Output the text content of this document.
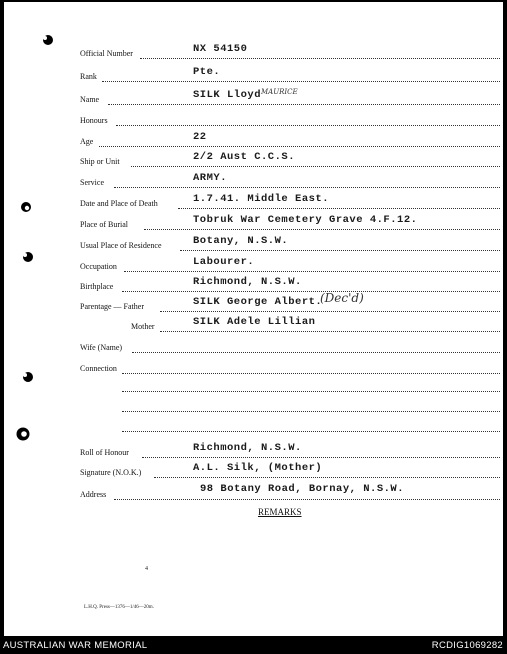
Official Number	NX 54150
Rank	Pte.
Name	SILK Lloyd MAURICE
Honours
Age	22
Ship or Unit	2/2 Aust C.C.S.
Service	ARMY.
Date and Place of Death	1.7.41. Middle East.
Place of Burial	Tobruk War Cemetery Grave 4.F.12.
Usual Place of Residence	Botany, N.S.W.
Occupation	Labourer.
Birthplace	Richmond, N.S.W.
Parentage — Father	SILK George Albert.
(Dec'd)
Mother	SILK Adele Lillian
Wife (Name)
Connection
Roll of Honour	Richmond, N.S.W.
Signature (N.O.K.)	A.L. Silk, (Mother)
Address	98 Botany Road, Bornay, N.S.W.
REMARKS
4
L.H.Q. Press—1376—1/46—20m.
AUSTRALIAN WAR MEMORIAL	RCDIG1069282
